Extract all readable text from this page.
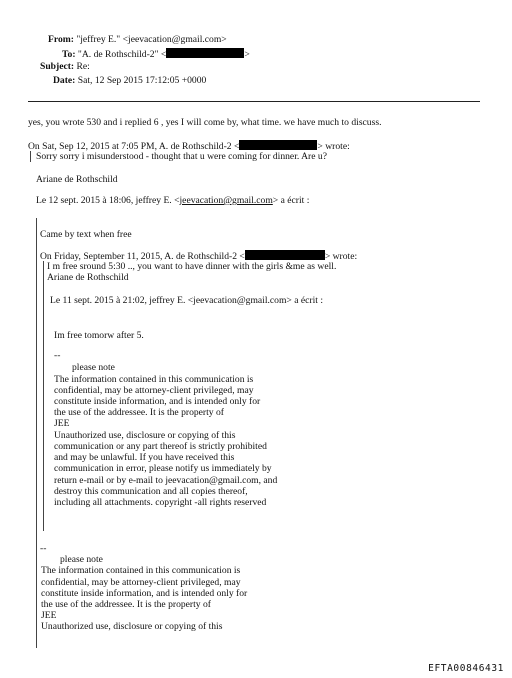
From: "jeffrey E." <jeevacation@gmail.com>
To: "A. de Rothschild-2" <	>
Subject: Re:
Date: Sat, 12 Sep 2015 17:12:05 +0000
yes, you wrote 530 and i replied 6 , yes I will come by, what time. we have much to discuss.
On Sat, Sep 12, 2015 at 7:05 PM, A. de Rothschild-2 <	> wrote:
Sorry sorry i misunderstood - thought that u were coming for dinner. Are u?
Ariane de Rothschild
Le 12 sept. 2015 à 18:06, jeffrey E. <jeevacation@gmail.com> a écrit :
Came by text when free
On Friday, September 11, 2015, A. de Rothschild-2 <	> wrote:
I m free sround 5:30 .., you want to have dinner with the girls &me as well.
Ariane de Rothschild
Le 11 sept. 2015 à 21:02, jeffrey E. <jeevacation@gmail.com> a écrit :
Im free tomorw after 5.
--
please note
The information contained in this communication is
confidential, may be attorney-client privileged, may
constitute inside information, and is intended only for
the use of the addressee. It is the property of
JEE
Unauthorized use, disclosure or copying of this
communication or any part thereof is strictly prohibited
and may be unlawful. If you have received this
communication in error, please notify us immediately by
return e-mail or by e-mail to jeevacation@gmail.com, and
destroy this communication and all copies thereof,
including all attachments. copyright -all rights reserved
--
please note
The information contained in this communication is
confidential, may be attorney-client privileged, may
constitute inside information, and is intended only for
the use of the addressee. It is the property of
JEE
Unauthorized use, disclosure or copying of this
EFTA00846431
